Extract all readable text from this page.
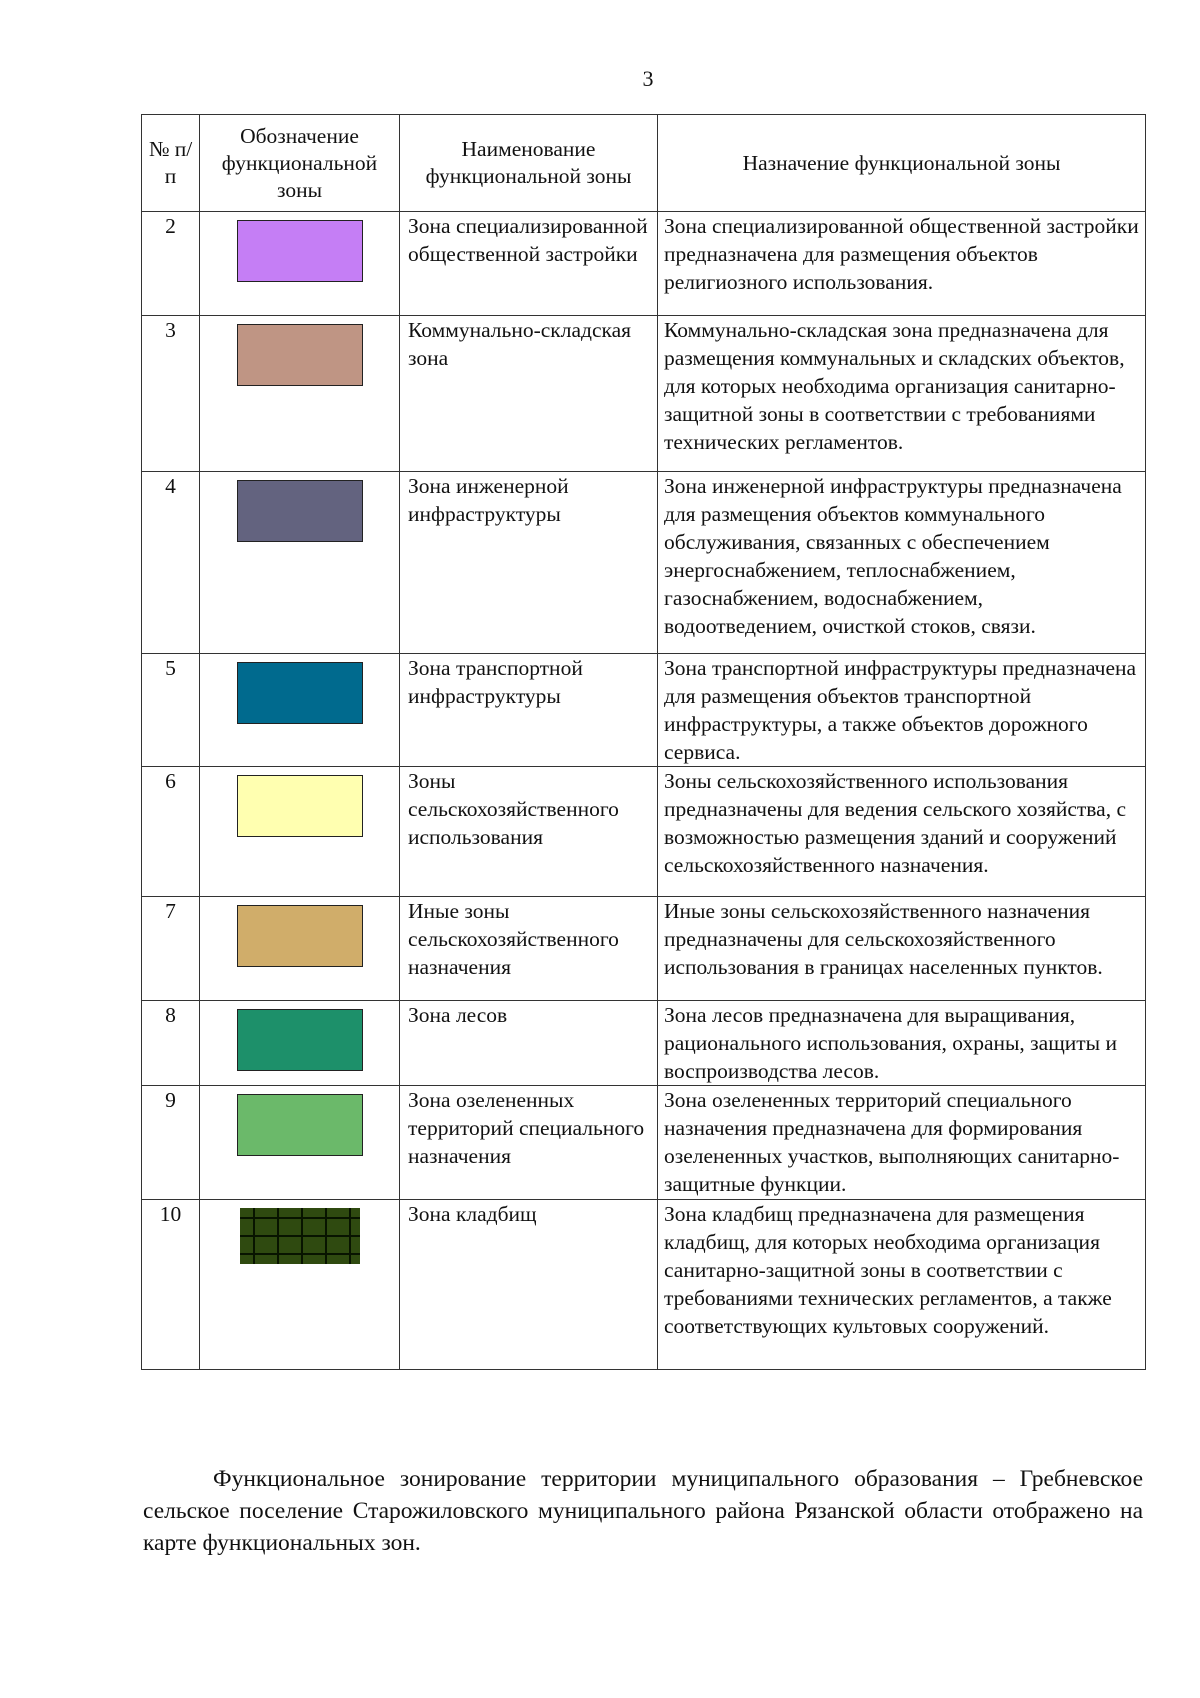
3
№ п/п	Обозначение функциональной зоны	Наименование функциональной зоны	Назначение функциональной зоны
2		Зона специализированной общественной застройки	Зона специализированной общественной застройки предназначена для размещения объектов религиозного использования.
3		Коммунально-складская зона	Коммунально-складская зона предназначена для размещения коммунальных и складских объектов, для которых необходима организация санитарно-защитной зоны в соответствии с требованиями технических регламентов.
4		Зона инженерной инфраструктуры	Зона инженерной инфраструктуры предназначена для размещения объектов коммунального обслуживания, связанных с обеспечением энергоснабжением, теплоснабжением, газоснабжением, водоснабжением, водоотведением, очисткой стоков, связи.
5		Зона транспортной инфраструктуры	Зона транспортной инфраструктуры предназначена для размещения объектов транспортной инфраструктуры, а также объектов дорожного сервиса.
6		Зоны сельскохозяйственного использования	Зоны сельскохозяйственного использования предназначены для ведения сельского хозяйства, с возможностью размещения зданий и сооружений сельскохозяйственного назначения.
7		Иные зоны сельскохозяйственного назначения	Иные зоны сельскохозяйственного назначения предназначены для сельскохозяйственного использования в границах населенных пунктов.
8		Зона лесов	Зона лесов предназначена для выращивания, рационального использования, охраны, защиты и воспроизводства лесов.
9		Зона озелененных территорий специального назначения	Зона озелененных территорий специального назначения предназначена для формирования озелененных участков, выполняющих санитарно-защитные функции.
10		Зона кладбищ	Зона кладбищ предназначена для размещения кладбищ, для которых необходима организация санитарно-защитной зоны в соответствии с требованиями технических регламентов, а также соответствующих культовых сооружений.
Функциональное зонирование территории муниципального образования – Гребневское сельское поселение Старожиловского муниципального района Рязанской области отображено на карте функциональных зон.
